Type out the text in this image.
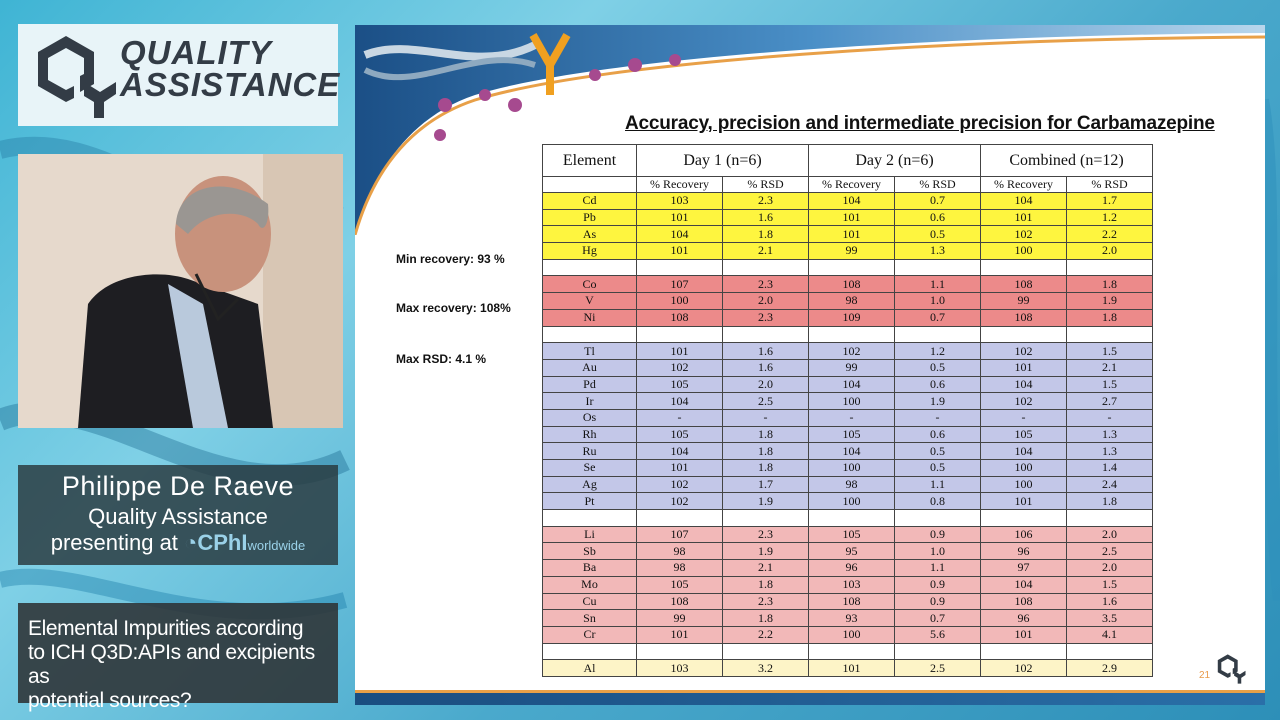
QUALITY
ASSISTANCE
Philippe De Raeve
Quality Assistance
presenting at ◔CPhIworldwide
Elemental Impurities according
to ICH Q3D:APIs and excipients as
potential sources?
Accuracy, precision and intermediate precision for Carbamazepine
Min recovery: 93 %
Max recovery: 108%
Max RSD: 4.1 %
Element	Day 1 (n=6)		Day 2 (n=6)		Combined (n=12)	
	% Recovery	% RSD	% Recovery	% RSD	% Recovery	% RSD
Cd	103	2.3	104	0.7	104	1.7
Pb	101	1.6	101	0.6	101	1.2
As	104	1.8	101	0.5	102	2.2
Hg	101	2.1	99	1.3	100	2.0

Co	107	2.3	108	1.1	108	1.8
V	100	2.0	98	1.0	99	1.9
Ni	108	2.3	109	0.7	108	1.8

Tl	101	1.6	102	1.2	102	1.5
Au	102	1.6	99	0.5	101	2.1
Pd	105	2.0	104	0.6	104	1.5
Ir	104	2.5	100	1.9	102	2.7
Os	-	-	-	-	-	-
Rh	105	1.8	105	0.6	105	1.3
Ru	104	1.8	104	0.5	104	1.3
Se	101	1.8	100	0.5	100	1.4
Ag	102	1.7	98	1.1	100	2.4
Pt	102	1.9	100	0.8	101	1.8

Li	107	2.3	105	0.9	106	2.0
Sb	98	1.9	95	1.0	96	2.5
Ba	98	2.1	96	1.1	97	2.0
Mo	105	1.8	103	0.9	104	1.5
Cu	108	2.3	108	0.9	108	1.6
Sn	99	1.8	93	0.7	96	3.5
Cr	101	2.2	100	5.6	101	4.1

Al	103	3.2	101	2.5	102	2.9
21
